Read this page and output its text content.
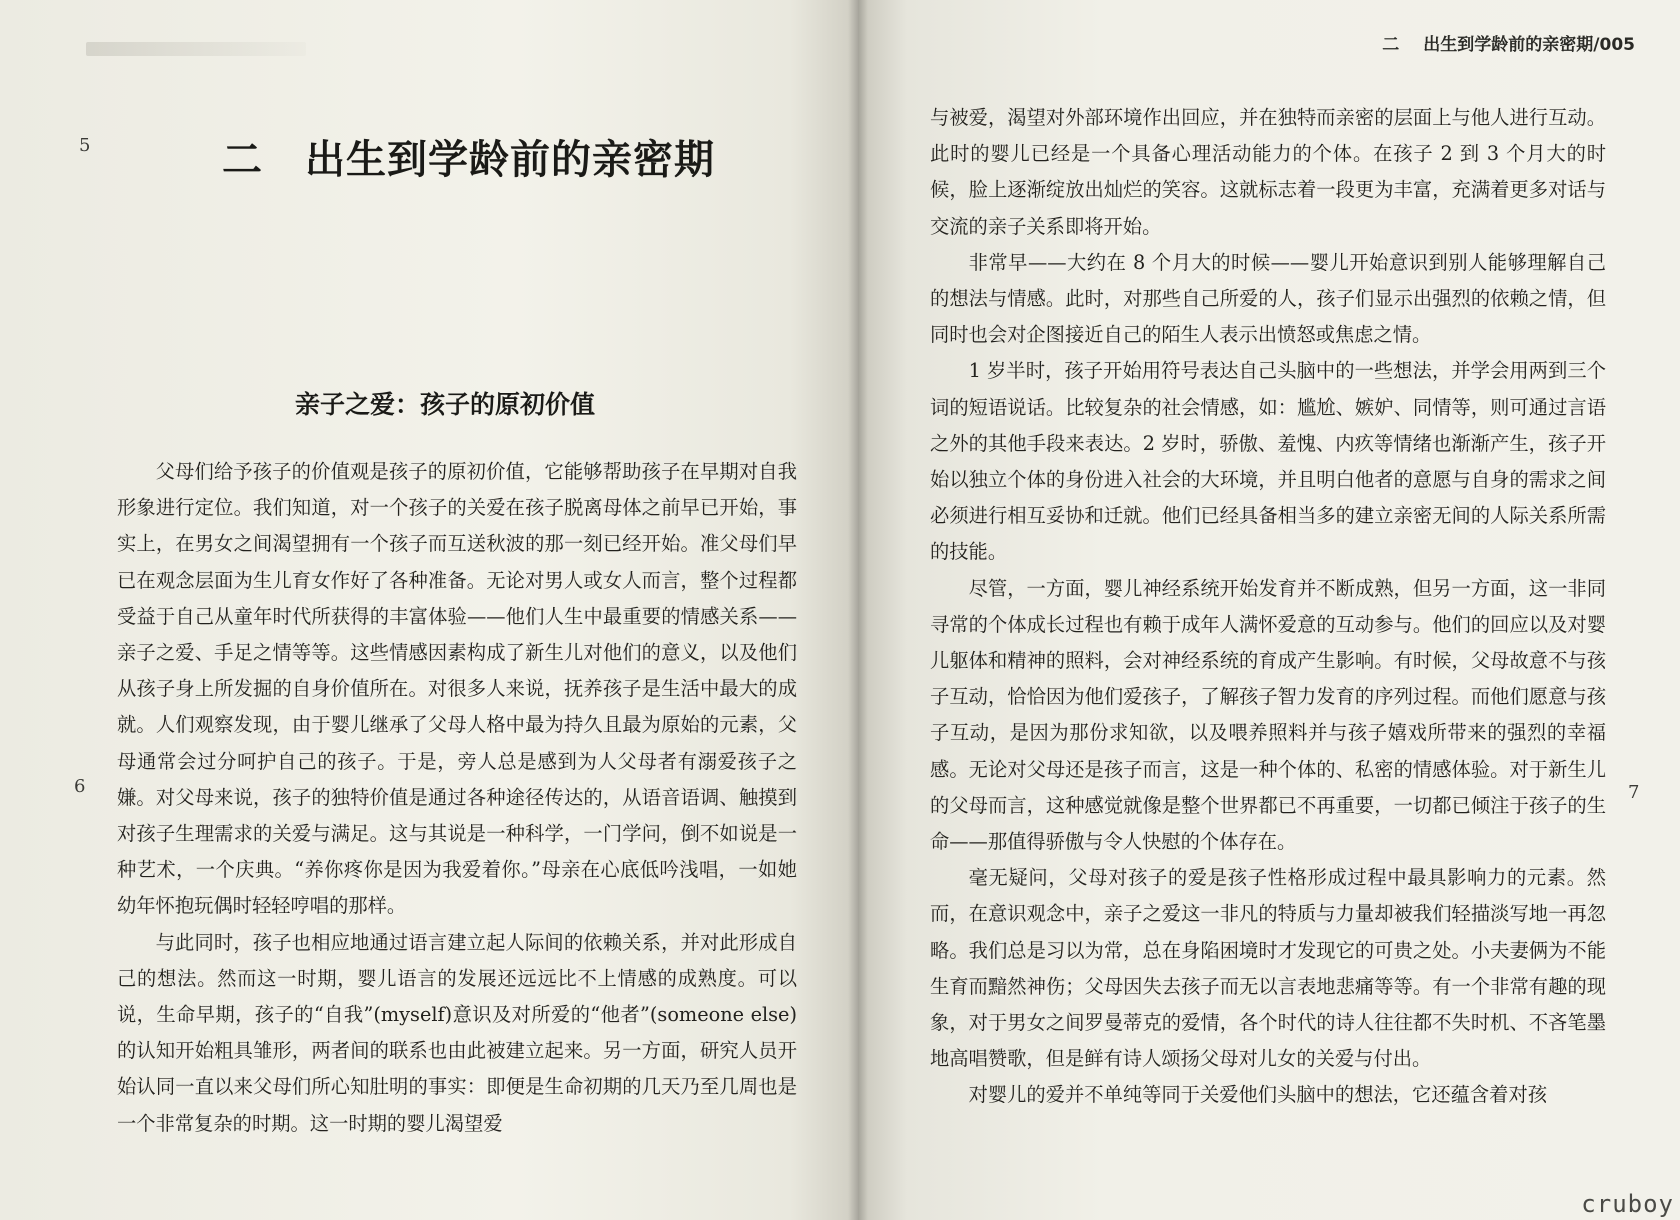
5
6
二 出生到学龄前的亲密期
亲子之爱：孩子的原初价值

父母们给予孩子的价值观是孩子的原初价值，它能够帮助孩子在早期对自我形象进行定位。我们知道，对一个孩子的关爱在孩子脱离母体之前早已开始，事实上，在男女之间渴望拥有一个孩子而互送秋波的那一刻已经开始。准父母们早已在观念层面为生儿育女作好了各种准备。无论对男人或女人而言，整个过程都受益于自己从童年时代所获得的丰富体验——他们人生中最重要的情感关系——亲子之爱、手足之情等等。这些情感因素构成了新生儿对他们的意义，以及他们从孩子身上所发掘的自身价值所在。对很多人来说，抚养孩子是生活中最大的成就。人们观察发现，由于婴儿继承了父母人格中最为持久且最为原始的元素，父母通常会过分呵护自己的孩子。于是，旁人总是感到为人父母者有溺爱孩子之嫌。对父母来说，孩子的独特价值是通过各种途径传达的，从语音语调、触摸到对孩子生理需求的关爱与满足。这与其说是一种科学，一门学问，倒不如说是一种艺术，一个庆典。“养你疼你是因为我爱着你。”母亲在心底低吟浅唱，一如她幼年怀抱玩偶时轻轻哼唱的那样。

与此同时，孩子也相应地通过语言建立起人际间的依赖关系，并对此形成自己的想法。然而这一时期，婴儿语言的发展还远远比不上情感的成熟度。可以说，生命早期，孩子的“自我”(myself)意识及对所爱的“他者”(someone else)的认知开始粗具雏形，两者间的联系也由此被建立起来。另一方面，研究人员开始认同一直以来父母们所心知肚明的事实：即便是生命初期的几天乃至几周也是一个非常复杂的时期。这一时期的婴儿渴望爱

二 出生到学龄前的亲密期/005
7

与被爱，渴望对外部环境作出回应，并在独特而亲密的层面上与他人进行互动。此时的婴儿已经是一个具备心理活动能力的个体。在孩子 2 到 3 个月大的时候，脸上逐渐绽放出灿烂的笑容。这就标志着一段更为丰富，充满着更多对话与交流的亲子关系即将开始。

非常早——大约在 8 个月大的时候——婴儿开始意识到别人能够理解自己的想法与情感。此时，对那些自己所爱的人，孩子们显示出强烈的依赖之情，但同时也会对企图接近自己的陌生人表示出愤怒或焦虑之情。

1 岁半时，孩子开始用符号表达自己头脑中的一些想法，并学会用两到三个词的短语说话。比较复杂的社会情感，如：尴尬、嫉妒、同情等，则可通过言语之外的其他手段来表达。2 岁时，骄傲、羞愧、内疚等情绪也渐渐产生，孩子开始以独立个体的身份进入社会的大环境，并且明白他者的意愿与自身的需求之间必须进行相互妥协和迁就。他们已经具备相当多的建立亲密无间的人际关系所需的技能。

尽管，一方面，婴儿神经系统开始发育并不断成熟，但另一方面，这一非同寻常的个体成长过程也有赖于成年人满怀爱意的互动参与。他们的回应以及对婴儿躯体和精神的照料，会对神经系统的育成产生影响。有时候，父母故意不与孩子互动，恰恰因为他们爱孩子，了解孩子智力发育的序列过程。而他们愿意与孩子互动，是因为那份求知欲，以及喂养照料并与孩子嬉戏所带来的强烈的幸福感。无论对父母还是孩子而言，这是一种个体的、私密的情感体验。对于新生儿的父母而言，这种感觉就像是整个世界都已不再重要，一切都已倾注于孩子的生命——那值得骄傲与令人快慰的个体存在。

毫无疑问，父母对孩子的爱是孩子性格形成过程中最具影响力的元素。然而，在意识观念中，亲子之爱这一非凡的特质与力量却被我们轻描淡写地一再忽略。我们总是习以为常，总在身陷困境时才发现它的可贵之处。小夫妻俩为不能生育而黯然神伤；父母因失去孩子而无以言表地悲痛等等。有一个非常有趣的现象，对于男女之间罗曼蒂克的爱情，各个时代的诗人往往都不失时机、不吝笔墨地高唱赞歌，但是鲜有诗人颂扬父母对儿女的关爱与付出。

对婴儿的爱并不单纯等同于关爱他们头脑中的想法，它还蕴含着对孩

cruboy
